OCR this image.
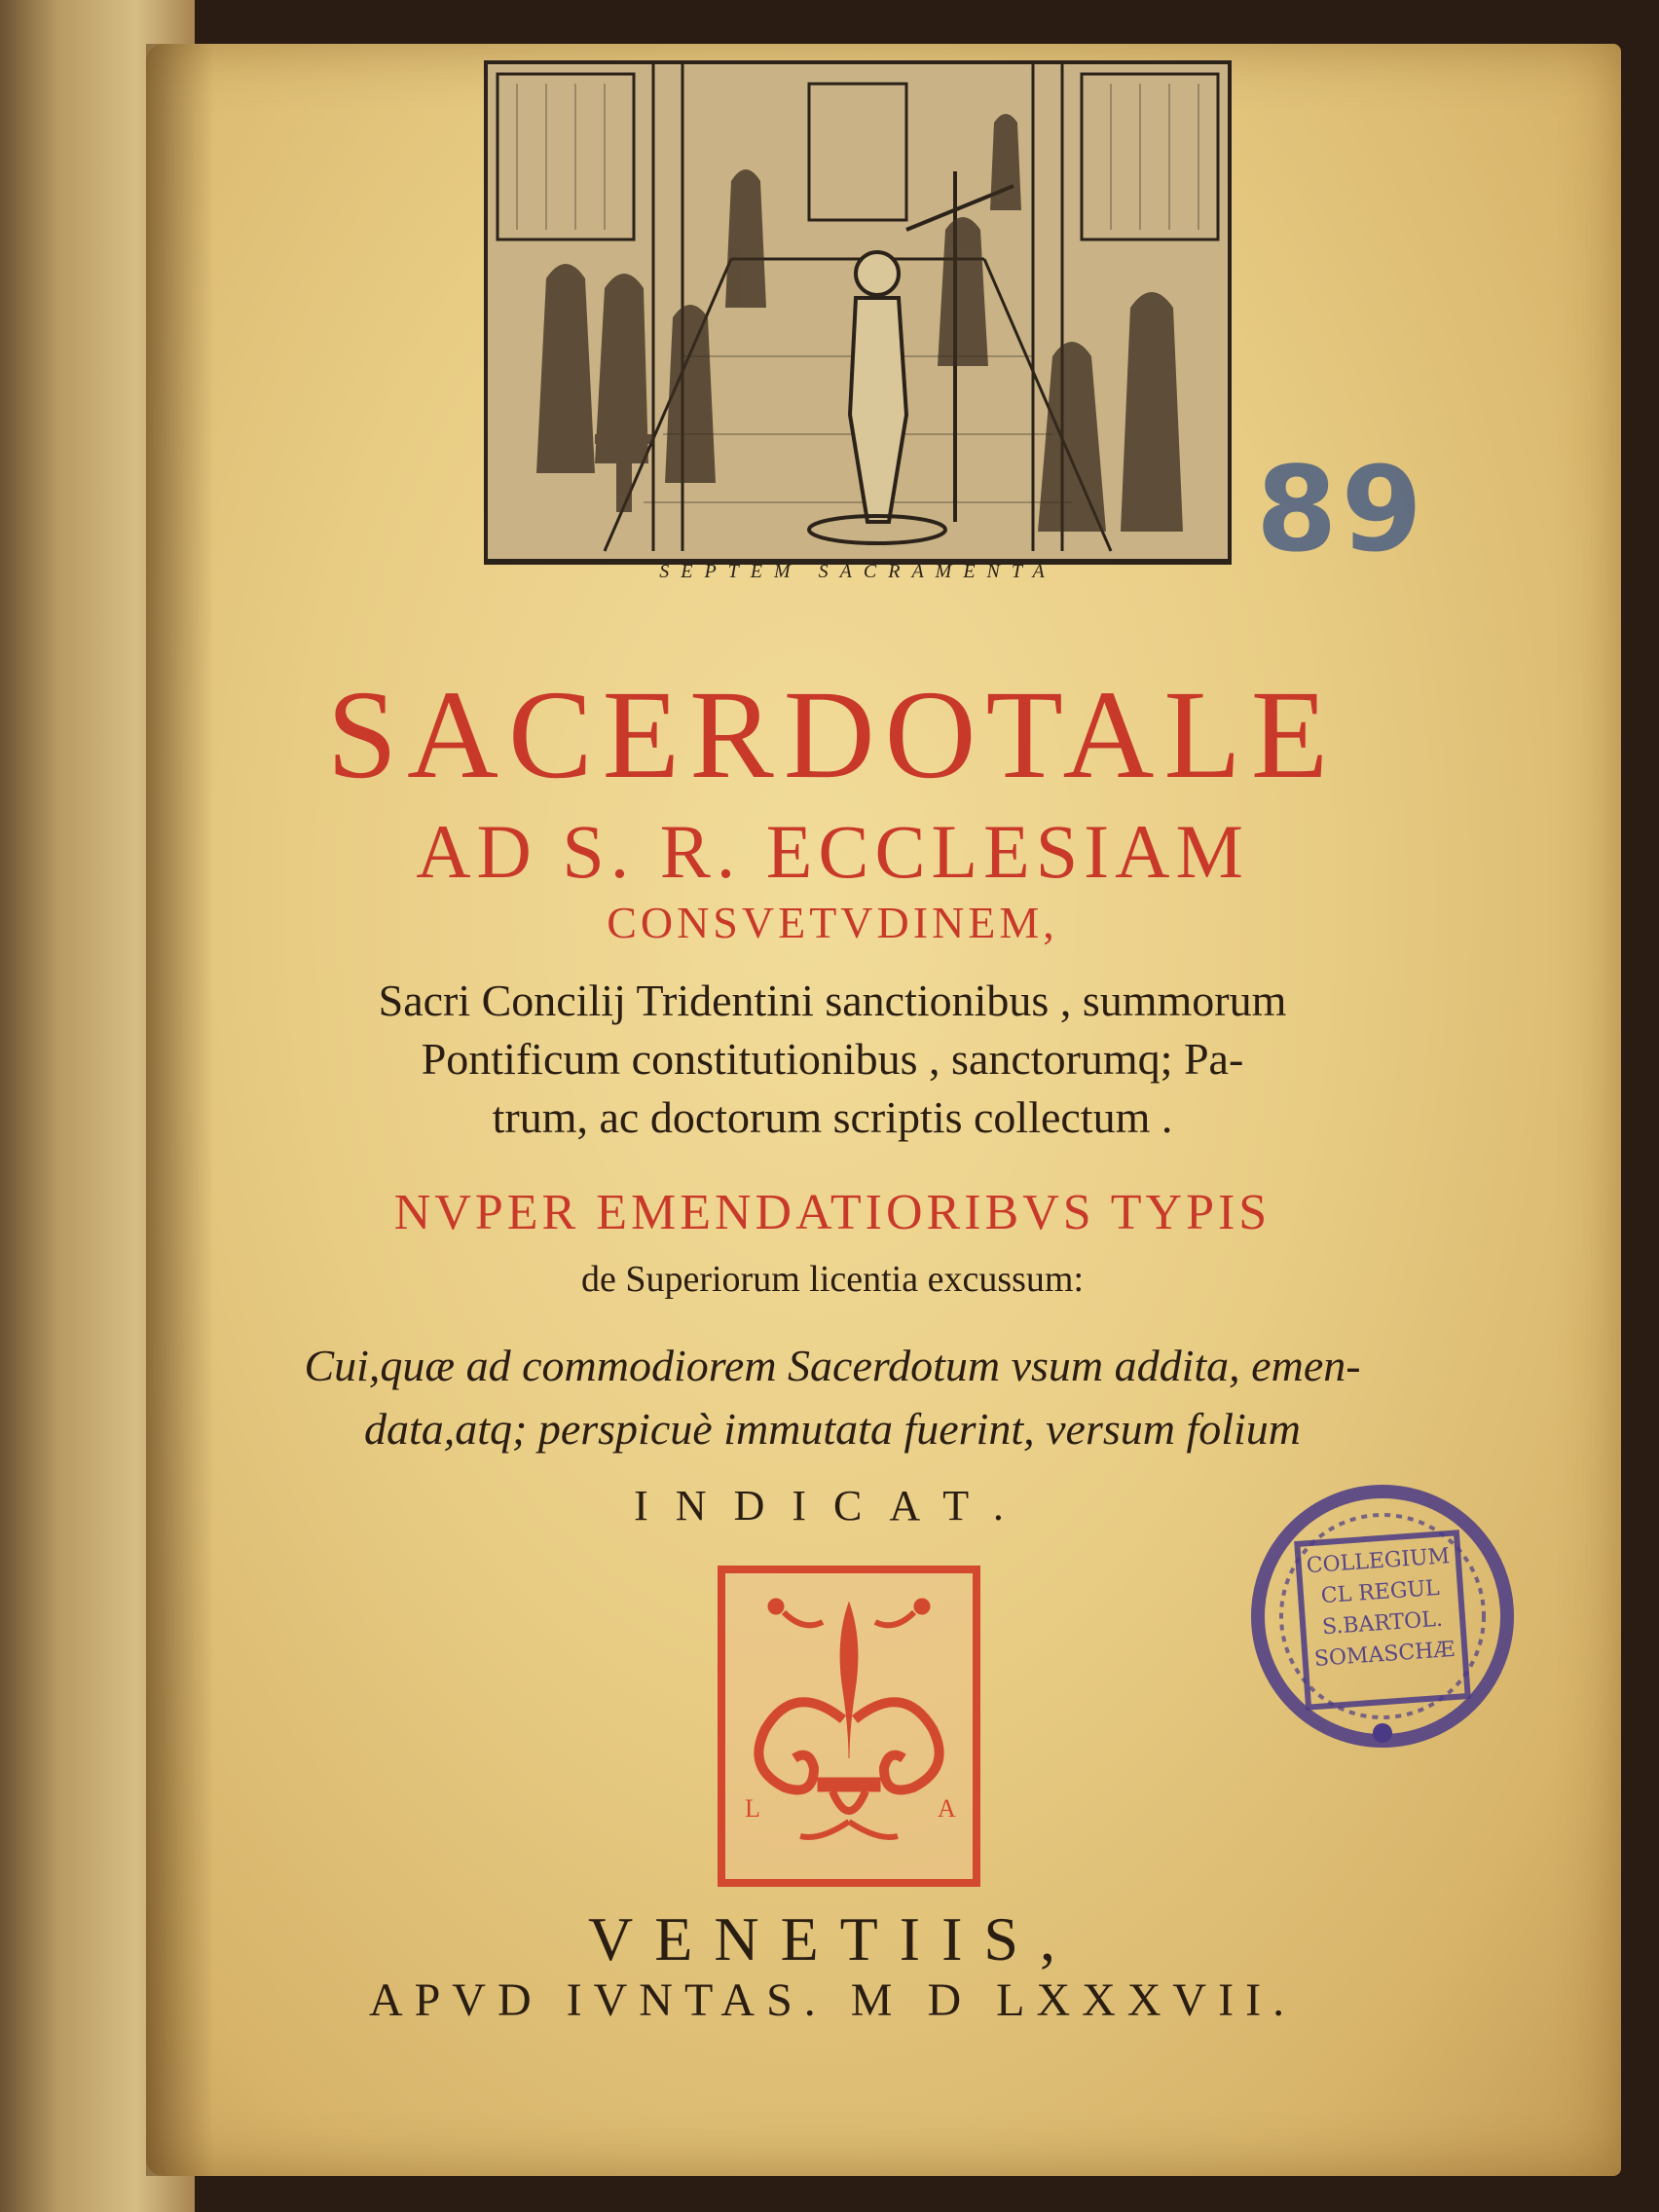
SEPTEM SACRAMENTA	89
SACERDOTALE
AD S. R. ECCLESIAM
CONSVETVDINEM,
Sacri Concilij Tridentini sanctionibus , summorum
Pontificum constitutionibus , sanctorumq; Pa-
trum, ac doctorum scriptis collectum .
NVPER EMENDATIORIBVS TYPIS
de Superiorum licentia excussum:
Cui,quæ ad commodiorem Sacerdotum vsum addita, emen-
data,atq; perspicuè immutata fuerint, versum folium
INDICAT.
L	A
COLLEGIUM
CL REGUL
S.BARTOL.
SOMASCHÆ
VENETIIS,
APVD IVNTAS. M D LXXXVII.
